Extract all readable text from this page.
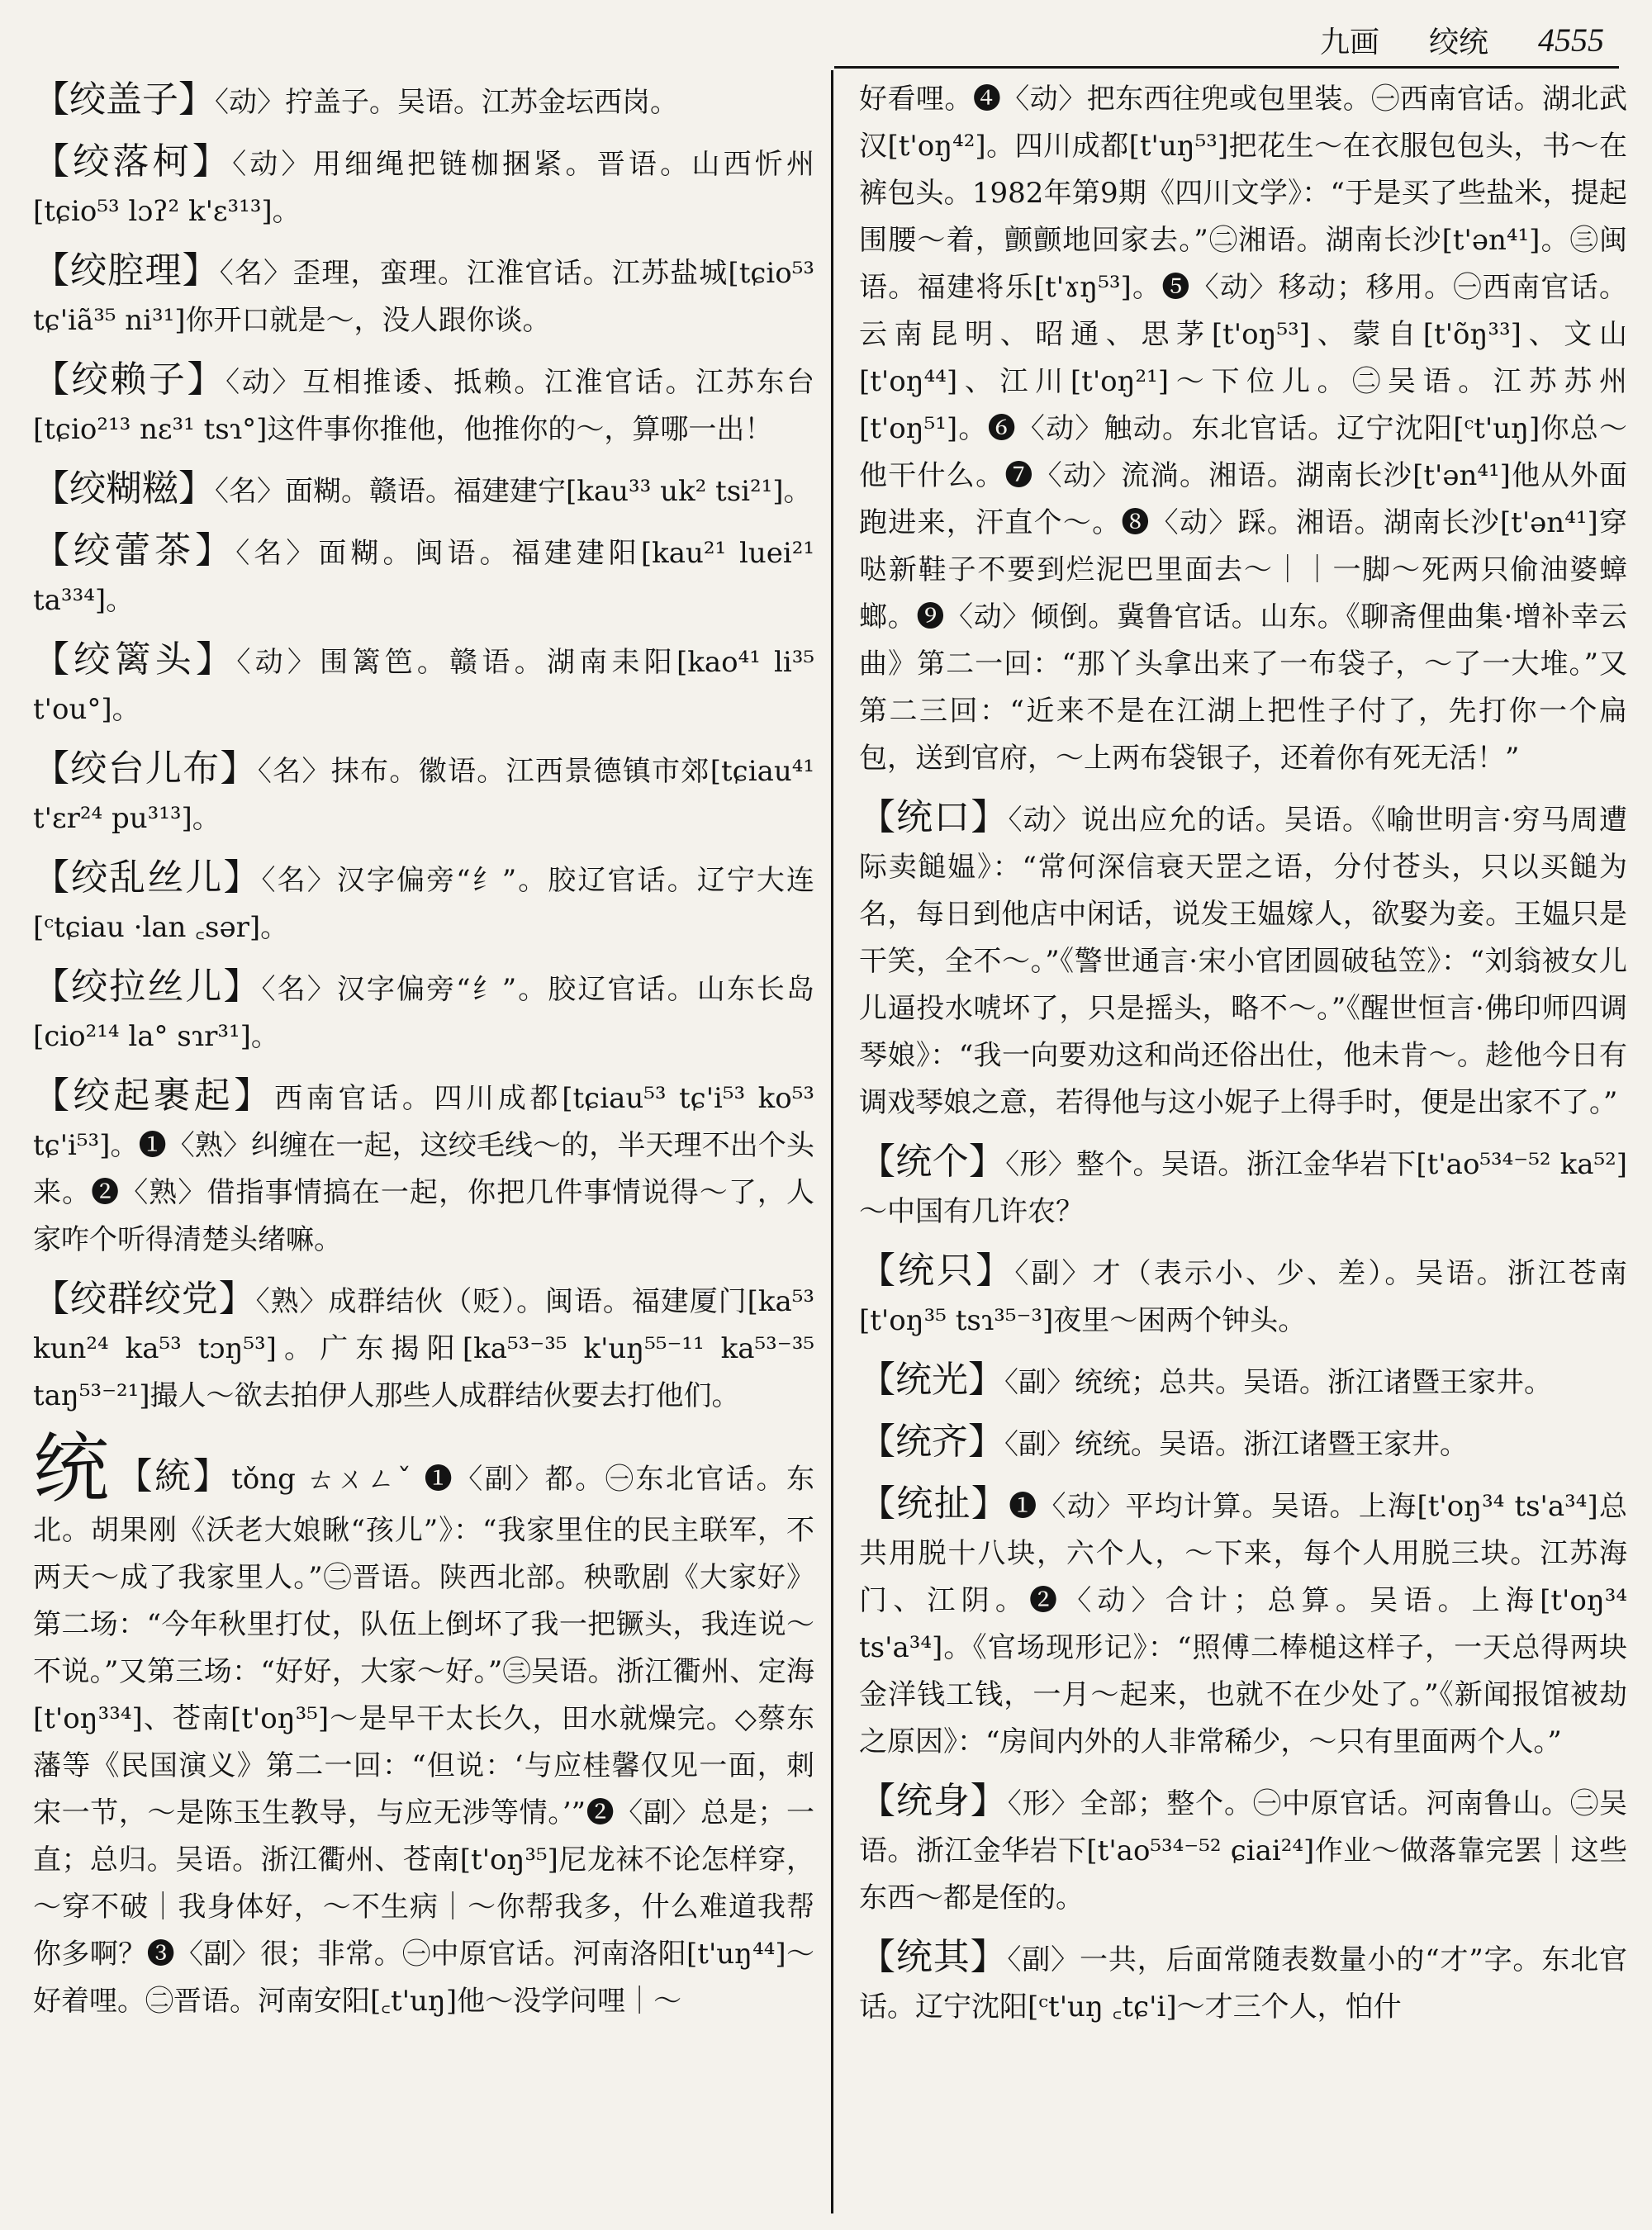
九画 绞统 4555
【绞盖子】〈动〉拧盖子。吴语。江苏金坛西岗。
【绞落柯】〈动〉用细绳把链枷捆紧。晋语。山西忻州[tɕio⁵³ lɔʔ² k'ɛ³¹³]。
【绞腔理】〈名〉歪理，蛮理。江淮官话。江苏盐城[tɕio⁵³ tɕ'iã³⁵ ni³¹]你开口就是～，没人跟你谈。
【绞赖子】〈动〉互相推诿、抵赖。江淮官话。江苏东台[tɕio²¹³ nɛ³¹ tsɿ°]这件事你推他，他推你的～，算哪一出！
【绞糊糍】〈名〉面糊。赣语。福建建宁[kau³³ uk² tsi²¹]。
【绞蕾茶】〈名〉面糊。闽语。福建建阳[kau²¹ luei²¹ ta³³⁴]。
【绞篱头】〈动〉围篱笆。赣语。湖南耒阳[kao⁴¹ li³⁵ t'ou°]。
【绞台儿布】〈名〉抹布。徽语。江西景德镇市郊[tɕiau⁴¹ t'ɛr²⁴ pu³¹³]。
【绞乱丝儿】〈名〉汉字偏旁“纟”。胶辽官话。辽宁大连[ᶜtɕiau ·lan ꜀sər]。
【绞拉丝儿】〈名〉汉字偏旁“纟”。胶辽官话。山东长岛[cio²¹⁴ la° sɿr³¹]。
【绞起裹起】西南官话。四川成都[tɕiau⁵³ tɕ'i⁵³ ko⁵³ tɕ'i⁵³]。❶〈熟〉纠缠在一起，这绞毛线～的，半天理不出个头来。❷〈熟〉借指事情搞在一起，你把几件事情说得～了，人家咋个听得清楚头绪嘛。
【绞群绞党】〈熟〉成群结伙（贬）。闽语。福建厦门[ka⁵³ kun²⁴ ka⁵³ tɔŋ⁵³]。广东揭阳[ka⁵³⁻³⁵ k'uŋ⁵⁵⁻¹¹ ka⁵³⁻³⁵ taŋ⁵³⁻²¹]撮人～欲去拍伊人那些人成群结伙要去打他们。
统 【統】tǒng ㄊㄨㄥˇ ❶〈副〉都。㊀东北官话。东北。胡果刚《沃老大娘瞅“孩儿”》：“我家里住的民主联军，不两天～成了我家里人。”㊁晋语。陕西北部。秧歌剧《大家好》第二场：“今年秋里打仗，队伍上倒坏了我一把镢头，我连说～不说。”又第三场：“好好，大家～好。”㊂吴语。浙江衢州、定海[t'oŋ³³⁴]、苍南[t'oŋ³⁵]～是早干太长久，田水就燥完。◇蔡东藩等《民国演义》第二一回：“但说：‘与应桂馨仅见一面，刺宋一节，～是陈玉生教导，与应无涉等情。’”❷〈副〉总是；一直；总归。吴语。浙江衢州、苍南[t'oŋ³⁵]尼龙袜不论怎样穿，～穿不破｜我身体好，～不生病｜～你帮我多，什么难道我帮你多啊？❸〈副〉很；非常。㊀中原官话。河南洛阳[t'uŋ⁴⁴]～好着哩。㊁晋语。河南安阳[꜀t'uŋ]他～没学问哩｜～
好看哩。❹〈动〉把东西往兜或包里装。㊀西南官话。湖北武汉[t'oŋ⁴²]。四川成都[t'uŋ⁵³]把花生～在衣服包包头，书～在裤包头。1982年第9期《四川文学》：“于是买了些盐米，提起围腰～着，颤颤地回家去。”㊁湘语。湖南长沙[t'ən⁴¹]。㊂闽语。福建将乐[t'ɤŋ⁵³]。❺〈动〉移动；移用。㊀西南官话。云南昆明、昭通、思茅[t'oŋ⁵³]、蒙自[t'õŋ³³]、文山[t'oŋ⁴⁴]、江川[t'oŋ²¹]～下位儿。㊁吴语。江苏苏州[t'oŋ⁵¹]。❻〈动〉触动。东北官话。辽宁沈阳[ᶜt'uŋ]你总～他干什么。❼〈动〉流淌。湘语。湖南长沙[t'ən⁴¹]他从外面跑进来，汗直个～。❽〈动〉踩。湘语。湖南长沙[t'ən⁴¹]穿哒新鞋子不要到烂泥巴里面去～｜｜一脚～死两只偷油婆蟑螂。❾〈动〉倾倒。冀鲁官话。山东。《聊斋俚曲集·增补幸云曲》第二一回：“那丫头拿出来了一布袋子，～了一大堆。”又第二三回：“近来不是在江湖上把性子付了，先打你一个扁包，送到官府，～上两布袋银子，还着你有死无活！”
【统口】〈动〉说出应允的话。吴语。《喻世明言·穷马周遭际卖䭔媪》：“常何深信衰天罡之语，分付苍头，只以买䭔为名，每日到他店中闲话，说发王媪嫁人，欲娶为妾。王媪只是干笑，全不～。”《警世通言·宋小官团圆破毡笠》：“刘翁被女儿儿逼投水唬坏了，只是摇头，略不～。”《醒世恒言·佛印师四调琴娘》：“我一向要劝这和尚还俗出仕，他未肯～。趁他今日有调戏琴娘之意，若得他与这小妮子上得手时，便是出家不了。”
【统个】〈形〉整个。吴语。浙江金华岩下[t'ao⁵³⁴⁻⁵² ka⁵²]～中国有几许农？
【统只】〈副〉才（表示小、少、差）。吴语。浙江苍南[t'oŋ³⁵ tsɿ³⁵⁻³]夜里～困两个钟头。
【统光】〈副〉统统；总共。吴语。浙江诸暨王家井。
【统齐】〈副〉统统。吴语。浙江诸暨王家井。
【统扯】❶〈动〉平均计算。吴语。上海[t'oŋ³⁴ ts'a³⁴]总共用脱十八块，六个人，～下来，每个人用脱三块。江苏海门、江阴。❷〈动〉合计；总算。吴语。上海[t'oŋ³⁴ ts'a³⁴]。《官场现形记》：“照傅二棒槌这样子，一天总得两块金洋钱工钱，一月～起来，也就不在少处了。”《新闻报馆被劫之原因》：“房间内外的人非常稀少，～只有里面两个人。”
【统身】〈形〉全部；整个。㊀中原官话。河南鲁山。㊁吴语。浙江金华岩下[t'ao⁵³⁴⁻⁵² ɕiai²⁴]作业～做落靠完罢｜这些东西～都是侄的。
【统其】〈副〉一共，后面常随表数量小的“才”字。东北官话。辽宁沈阳[ᶜt'uŋ ꜀tɕ'i]～才三个人，怕什
